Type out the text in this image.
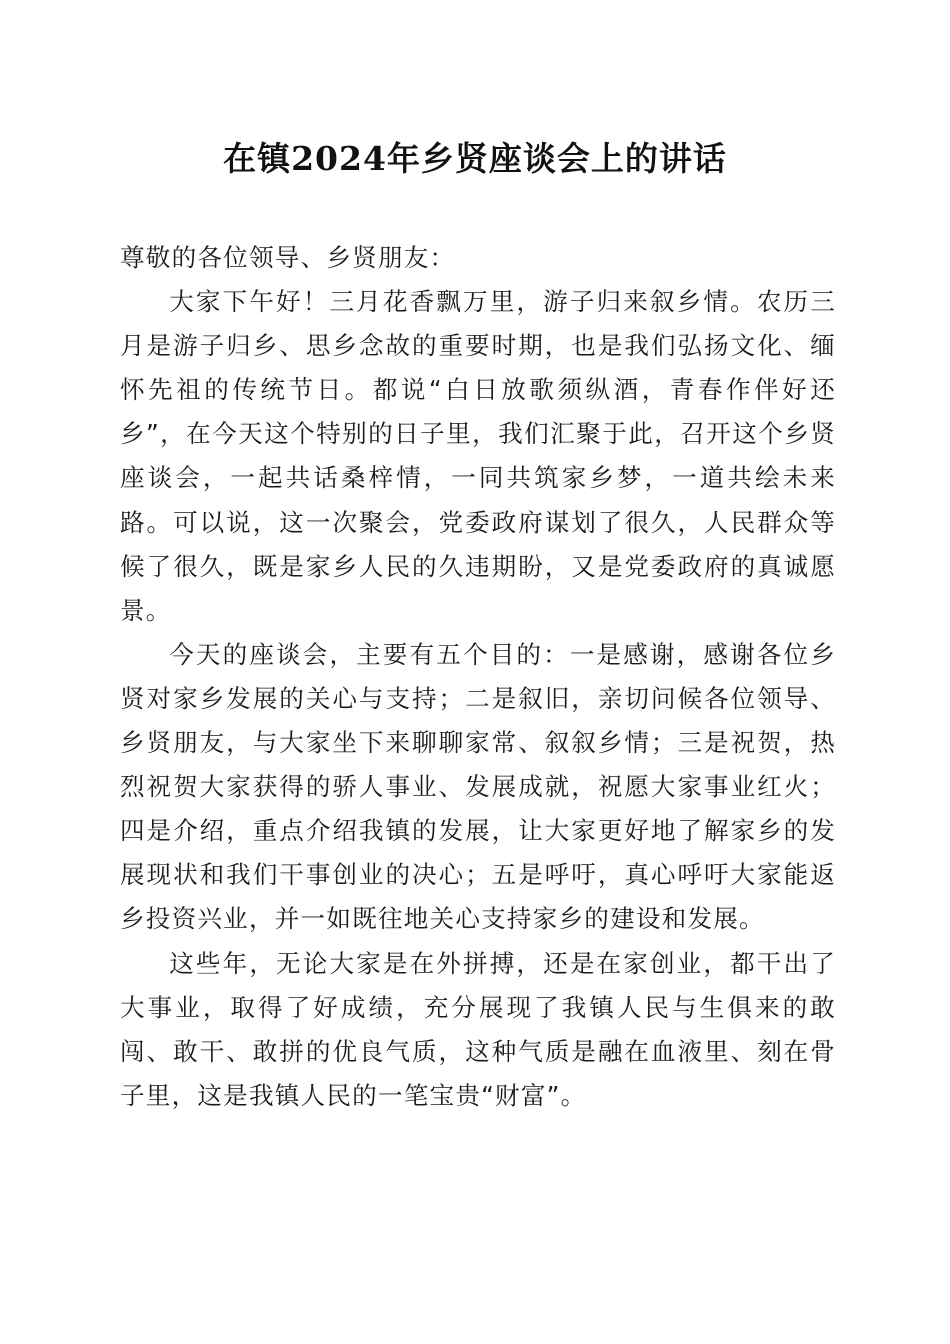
在镇2024年乡贤座谈会上的讲话

尊敬的各位领导、乡贤朋友：

大家下午好！三月花香飘万里，游子归来叙乡情。农历三月是游子归乡、思乡念故的重要时期，也是我们弘扬文化、缅怀先祖的传统节日。都说“白日放歌须纵酒，青春作伴好还乡”，在今天这个特别的日子里，我们汇聚于此，召开这个乡贤座谈会，一起共话桑梓情，一同共筑家乡梦，一道共绘未来路。可以说，这一次聚会，党委政府谋划了很久，人民群众等候了很久，既是家乡人民的久违期盼，又是党委政府的真诚愿景。

今天的座谈会，主要有五个目的：一是感谢，感谢各位乡贤对家乡发展的关心与支持；二是叙旧，亲切问候各位领导、乡贤朋友，与大家坐下来聊聊家常、叙叙乡情；三是祝贺，热烈祝贺大家获得的骄人事业、发展成就，祝愿大家事业红火；四是介绍，重点介绍我镇的发展，让大家更好地了解家乡的发展现状和我们干事创业的决心；五是呼吁，真心呼吁大家能返乡投资兴业，并一如既往地关心支持家乡的建设和发展。

这些年，无论大家是在外拼搏，还是在家创业，都干出了大事业，取得了好成绩，充分展现了我镇人民与生俱来的敢闯、敢干、敢拼的优良气质，这种气质是融在血液里、刻在骨子里，这是我镇人民的一笔宝贵“财富”。
